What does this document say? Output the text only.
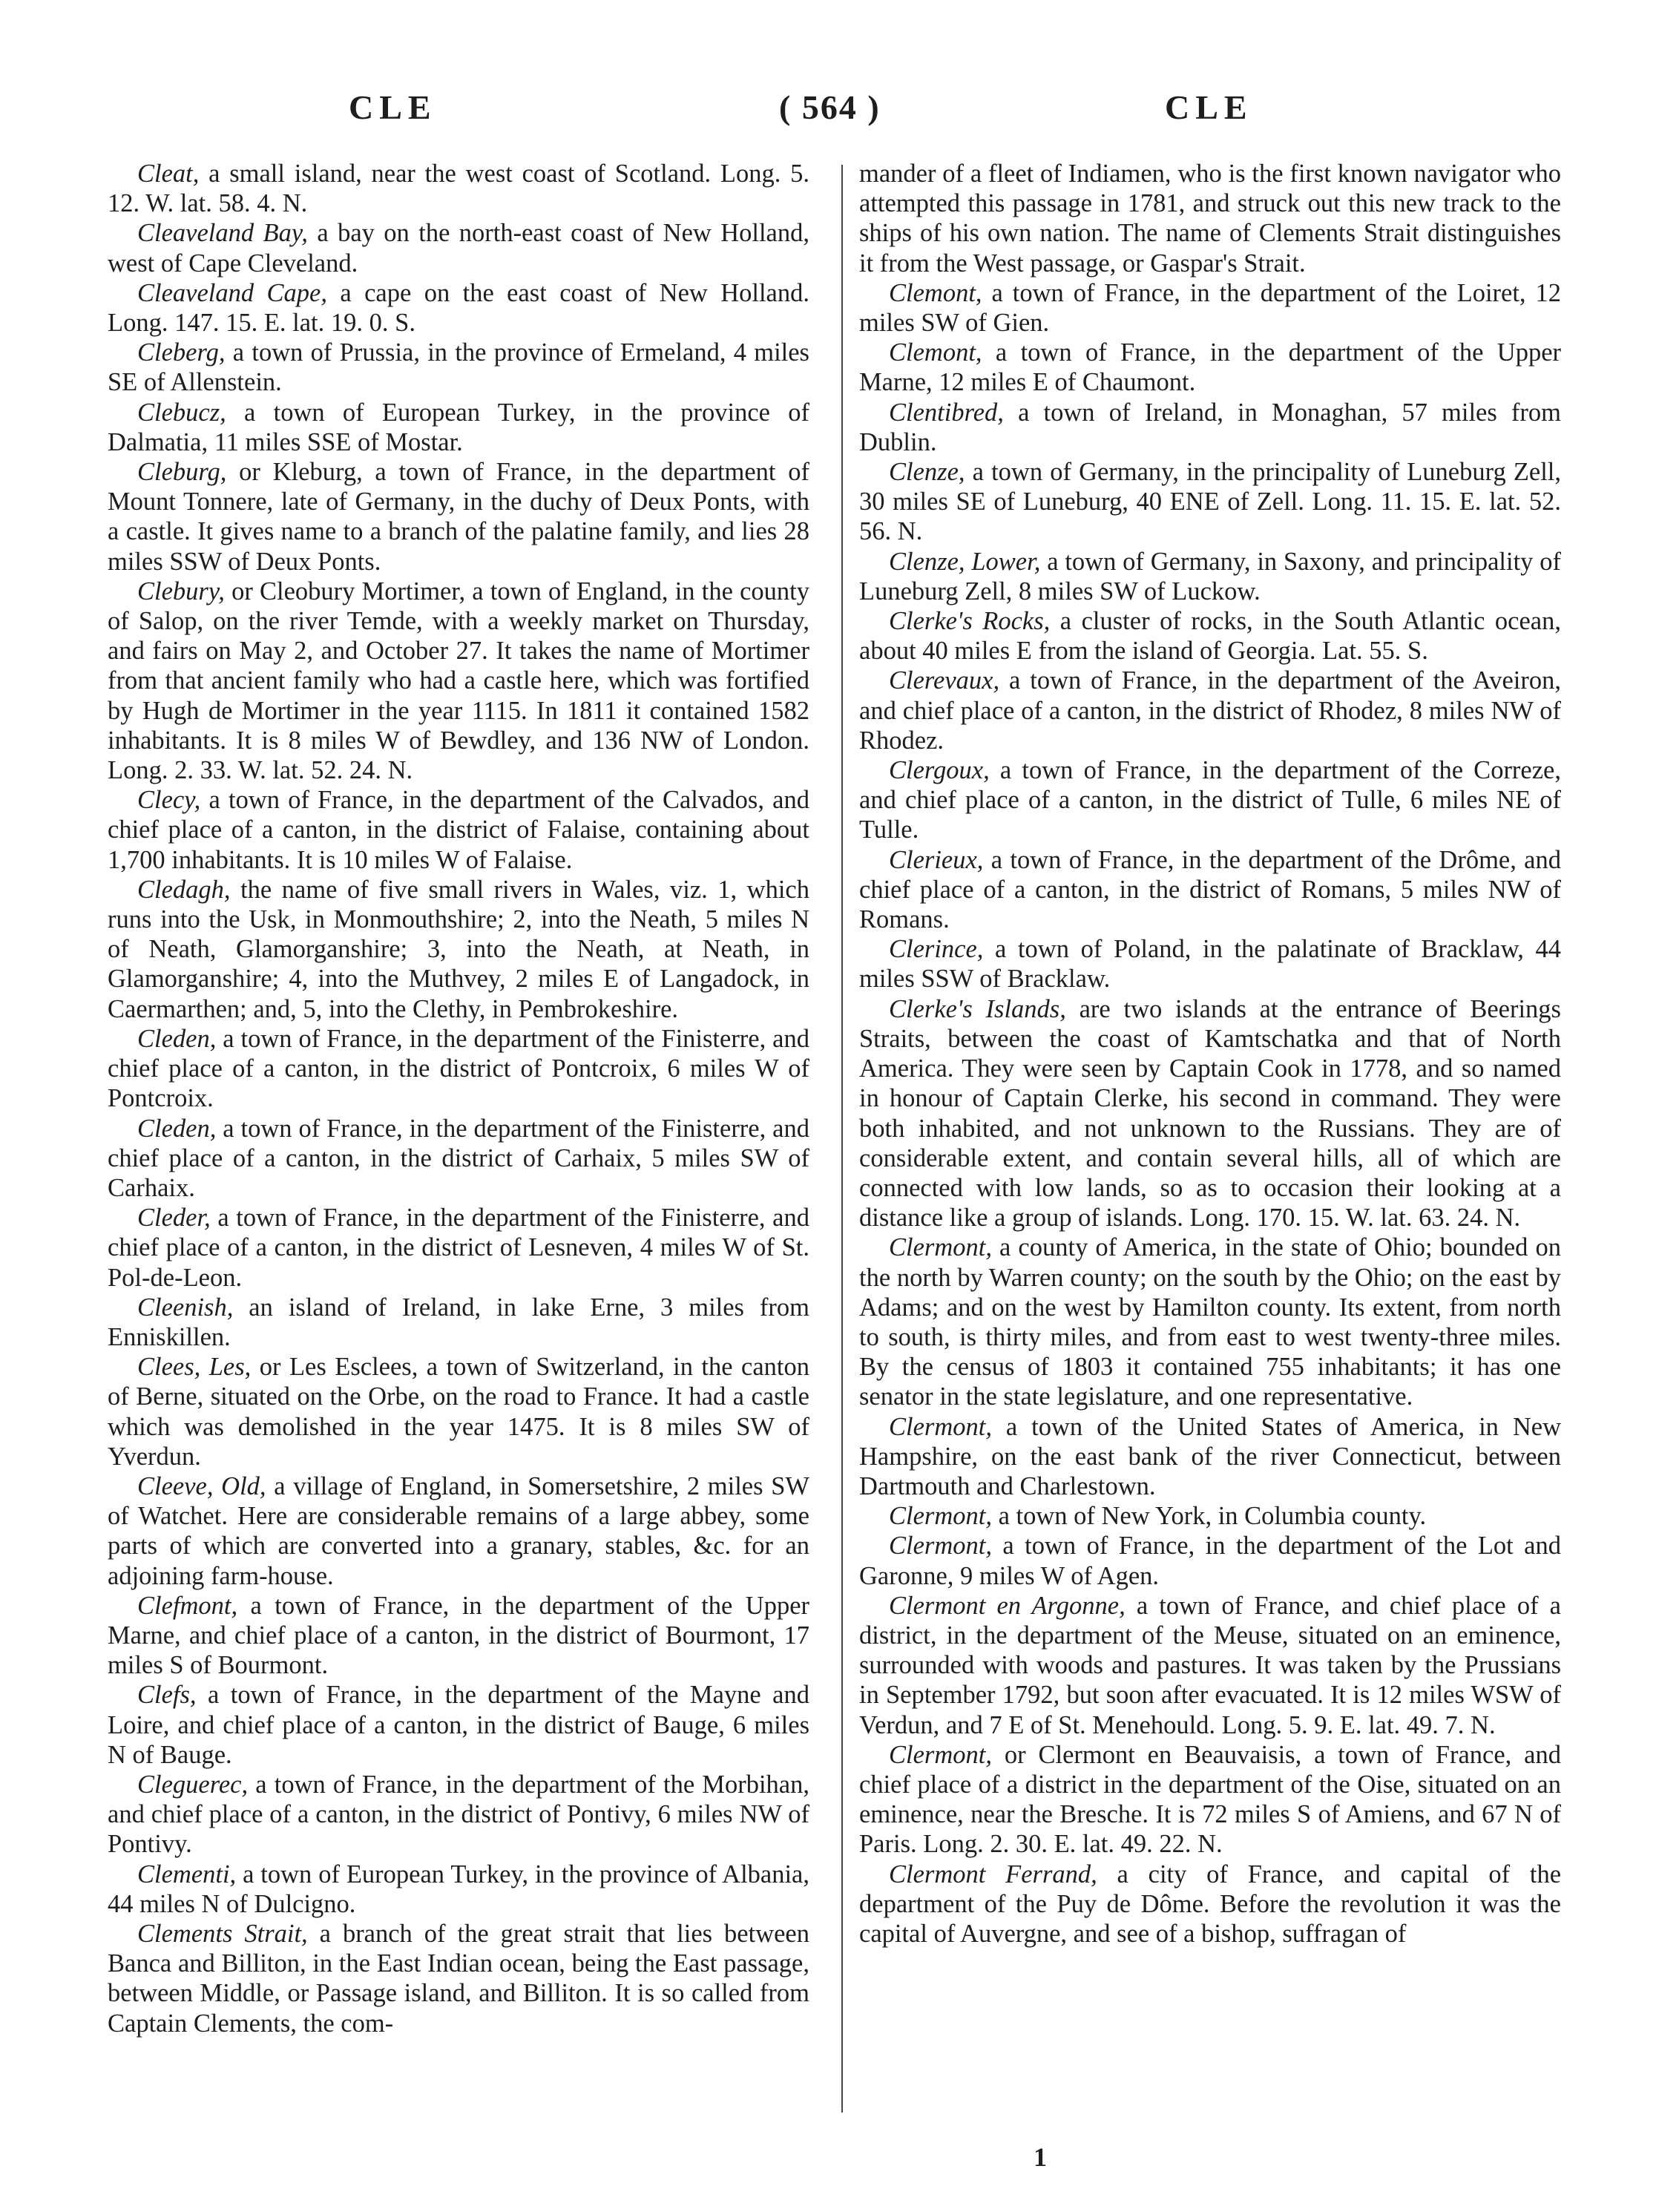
CLE	( 564 )	CLE

Cleat, a small island, near the west coast of Scotland. Long. 5. 12. W. lat. 58. 4. N.

Cleaveland Bay, a bay on the north-east coast of New Holland, west of Cape Cleveland.

Cleaveland Cape, a cape on the east coast of New Holland. Long. 147. 15. E. lat. 19. 0. S.

Cleberg, a town of Prussia, in the province of Ermeland, 4 miles SE of Allenstein.

Clebucz, a town of European Turkey, in the province of Dalmatia, 11 miles SSE of Mostar.

Cleburg, or Kleburg, a town of France, in the department of Mount Tonnere, late of Germany, in the duchy of Deux Ponts, with a castle. It gives name to a branch of the palatine family, and lies 28 miles SSW of Deux Ponts.

Clebury, or Cleobury Mortimer, a town of England, in the county of Salop, on the river Temde, with a weekly market on Thursday, and fairs on May 2, and October 27. It takes the name of Mortimer from that ancient family who had a castle here, which was fortified by Hugh de Mortimer in the year 1115. In 1811 it contained 1582 inhabitants. It is 8 miles W of Bewdley, and 136 NW of London. Long. 2. 33. W. lat. 52. 24. N.

Clecy, a town of France, in the department of the Calvados, and chief place of a canton, in the district of Falaise, containing about 1,700 inhabitants. It is 10 miles W of Falaise.

Cledagh, the name of five small rivers in Wales, viz. 1, which runs into the Usk, in Monmouthshire; 2, into the Neath, 5 miles N of Neath, Glamorganshire; 3, into the Neath, at Neath, in Glamorganshire; 4, into the Muthvey, 2 miles E of Langadock, in Caermarthen; and, 5, into the Clethy, in Pembrokeshire.

Cleden, a town of France, in the department of the Finisterre, and chief place of a canton, in the district of Pontcroix, 6 miles W of Pontcroix.

Cleden, a town of France, in the department of the Finisterre, and chief place of a canton, in the district of Carhaix, 5 miles SW of Carhaix.

Cleder, a town of France, in the department of the Finisterre, and chief place of a canton, in the district of Lesneven, 4 miles W of St. Pol-de-Leon.

Cleenish, an island of Ireland, in lake Erne, 3 miles from Enniskillen.

Clees, Les, or Les Esclees, a town of Switzerland, in the canton of Berne, situated on the Orbe, on the road to France. It had a castle which was demolished in the year 1475. It is 8 miles SW of Yverdun.

Cleeve, Old, a village of England, in Somersetshire, 2 miles SW of Watchet. Here are considerable remains of a large abbey, some parts of which are converted into a granary, stables, &c. for an adjoining farm-house.

Clefmont, a town of France, in the department of the Upper Marne, and chief place of a canton, in the district of Bourmont, 17 miles S of Bourmont.

Clefs, a town of France, in the department of the Mayne and Loire, and chief place of a canton, in the district of Bauge, 6 miles N of Bauge.

Cleguerec, a town of France, in the department of the Morbihan, and chief place of a canton, in the district of Pontivy, 6 miles NW of Pontivy.

Clementi, a town of European Turkey, in the province of Albania, 44 miles N of Dulcigno.

Clements Strait, a branch of the great strait that lies between Banca and Billiton, in the East Indian ocean, being the East passage, between Middle, or Passage island, and Billiton. It is so called from Captain Clements, the com-

mander of a fleet of Indiamen, who is the first known navigator who attempted this passage in 1781, and struck out this new track to the ships of his own nation. The name of Clements Strait distinguishes it from the West passage, or Gaspar's Strait.

Clemont, a town of France, in the department of the Loiret, 12 miles SW of Gien.

Clemont, a town of France, in the department of the Upper Marne, 12 miles E of Chaumont.

Clentibred, a town of Ireland, in Monaghan, 57 miles from Dublin.

Clenze, a town of Germany, in the principality of Luneburg Zell, 30 miles SE of Luneburg, 40 ENE of Zell. Long. 11. 15. E. lat. 52. 56. N.

Clenze, Lower, a town of Germany, in Saxony, and principality of Luneburg Zell, 8 miles SW of Luckow.

Clerke's Rocks, a cluster of rocks, in the South Atlantic ocean, about 40 miles E from the island of Georgia. Lat. 55. S.

Clerevaux, a town of France, in the department of the Aveiron, and chief place of a canton, in the district of Rhodez, 8 miles NW of Rhodez.

Clergoux, a town of France, in the department of the Correze, and chief place of a canton, in the district of Tulle, 6 miles NE of Tulle.

Clerieux, a town of France, in the department of the Drôme, and chief place of a canton, in the district of Romans, 5 miles NW of Romans.

Clerince, a town of Poland, in the palatinate of Bracklaw, 44 miles SSW of Bracklaw.

Clerke's Islands, are two islands at the entrance of Beerings Straits, between the coast of Kamtschatka and that of North America. They were seen by Captain Cook in 1778, and so named in honour of Captain Clerke, his second in command. They were both inhabited, and not unknown to the Russians. They are of considerable extent, and contain several hills, all of which are connected with low lands, so as to occasion their looking at a distance like a group of islands. Long. 170. 15. W. lat. 63. 24. N.

Clermont, a county of America, in the state of Ohio; bounded on the north by Warren county; on the south by the Ohio; on the east by Adams; and on the west by Hamilton county. Its extent, from north to south, is thirty miles, and from east to west twenty-three miles. By the census of 1803 it contained 755 inhabitants; it has one senator in the state legislature, and one representative.

Clermont, a town of the United States of America, in New Hampshire, on the east bank of the river Connecticut, between Dartmouth and Charlestown.

Clermont, a town of New York, in Columbia county.

Clermont, a town of France, in the department of the Lot and Garonne, 9 miles W of Agen.

Clermont en Argonne, a town of France, and chief place of a district, in the department of the Meuse, situated on an eminence, surrounded with woods and pastures. It was taken by the Prussians in September 1792, but soon after evacuated. It is 12 miles WSW of Verdun, and 7 E of St. Menehould. Long. 5. 9. E. lat. 49. 7. N.

Clermont, or Clermont en Beauvaisis, a town of France, and chief place of a district in the department of the Oise, situated on an eminence, near the Bresche. It is 72 miles S of Amiens, and 67 N of Paris. Long. 2. 30. E. lat. 49. 22. N.

Clermont Ferrand, a city of France, and capital of the department of the Puy de Dôme. Before the revolution it was the capital of Auvergne, and see of a bishop, suffragan of

1
